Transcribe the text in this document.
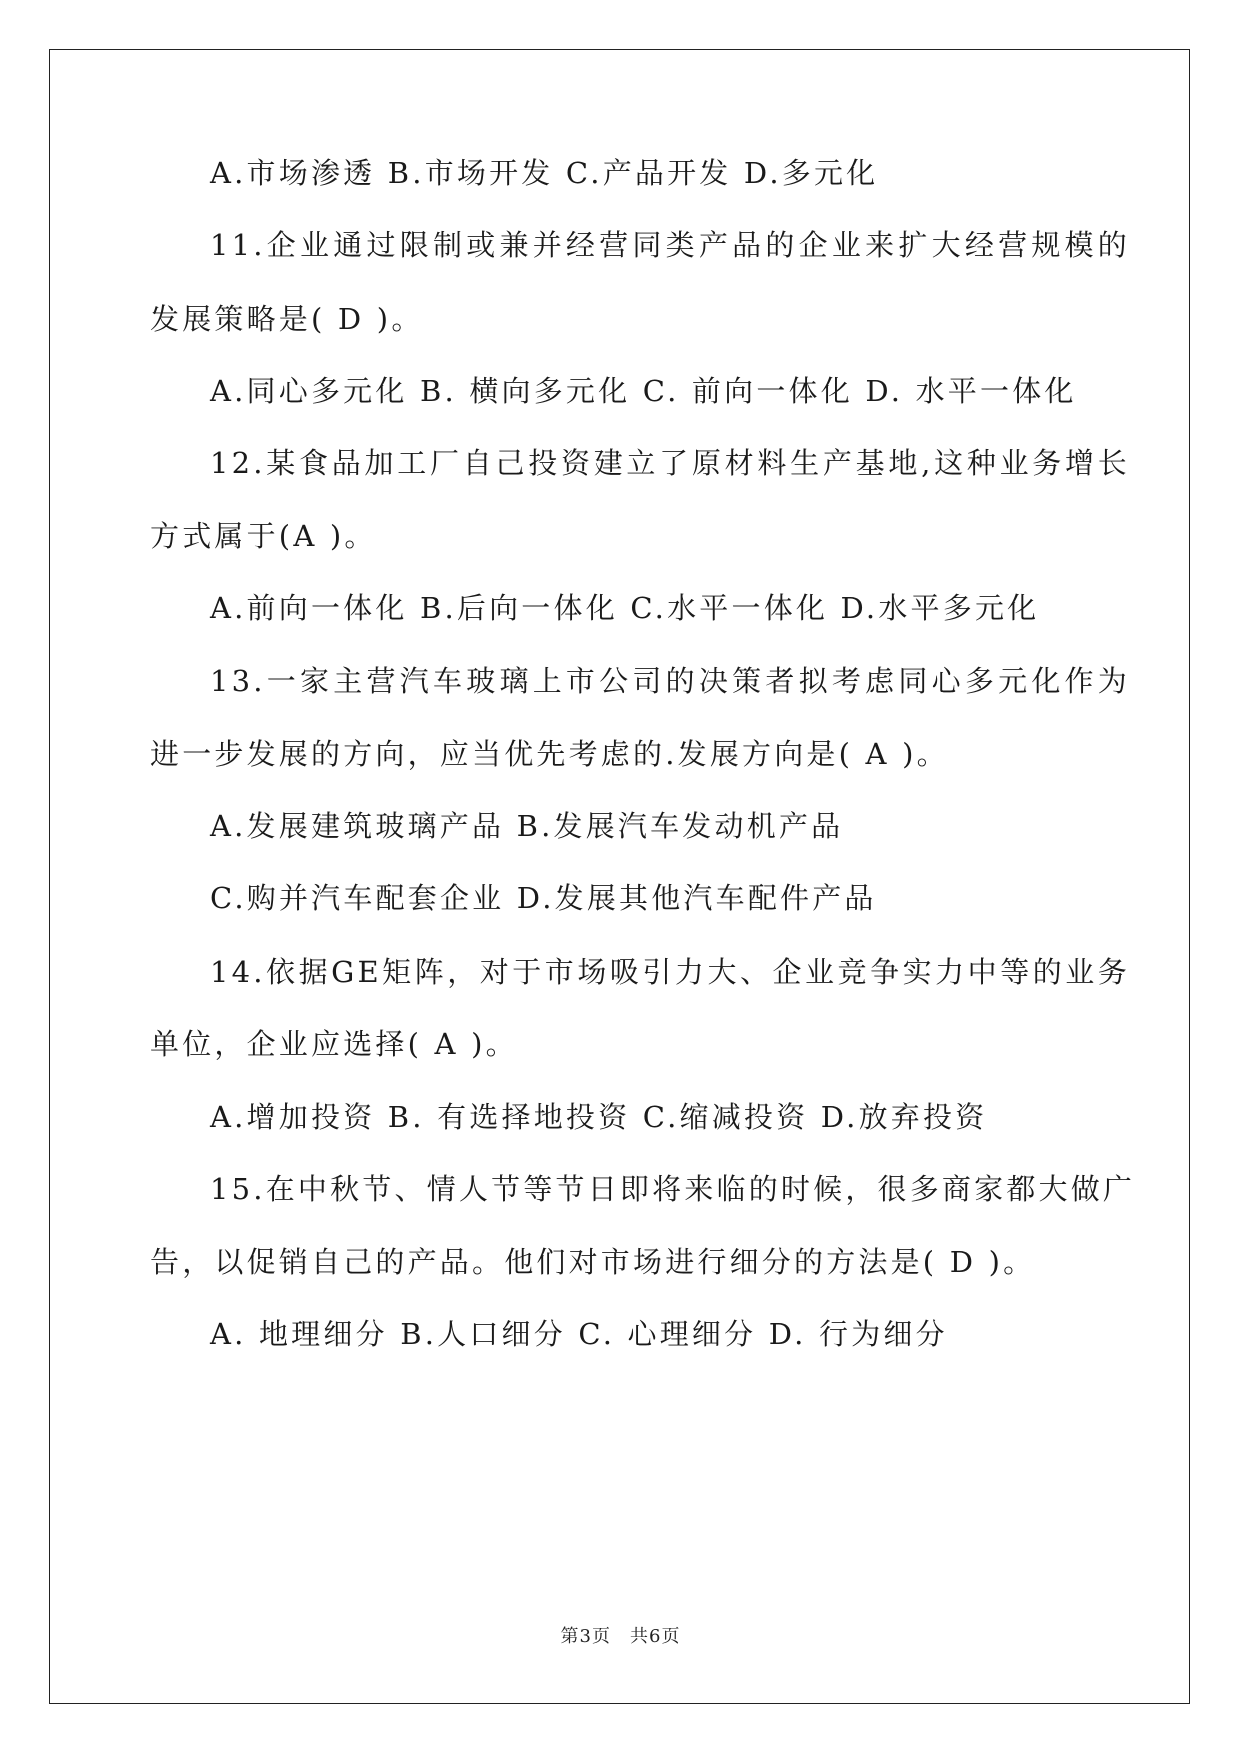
A.市场渗透 B.市场开发 C.产品开发 D.多元化
11.企业通过限制或兼并经营同类产品的企业来扩大经营规模的
发展策略是( D )。
A.同心多元化 B. 横向多元化 C. 前向一体化 D. 水平一体化
12.某食品加工厂自己投资建立了原材料生产基地,这种业务增长
方式属于(A )。
A.前向一体化 B.后向一体化 C.水平一体化 D.水平多元化
13.一家主营汽车玻璃上市公司的决策者拟考虑同心多元化作为
进一步发展的方向，应当优先考虑的.发展方向是( A )。
A.发展建筑玻璃产品 B.发展汽车发动机产品
C.购并汽车配套企业 D.发展其他汽车配件产品
14.依据GE矩阵，对于市场吸引力大、企业竞争实力中等的业务
单位，企业应选择( A )。
A.增加投资 B. 有选择地投资 C.缩减投资 D.放弃投资
15.在中秋节、情人节等节日即将来临的时候，很多商家都大做广
告，以促销自己的产品。他们对市场进行细分的方法是( D )。
A. 地理细分 B.人口细分 C. 心理细分 D. 行为细分
第3页　共6页
